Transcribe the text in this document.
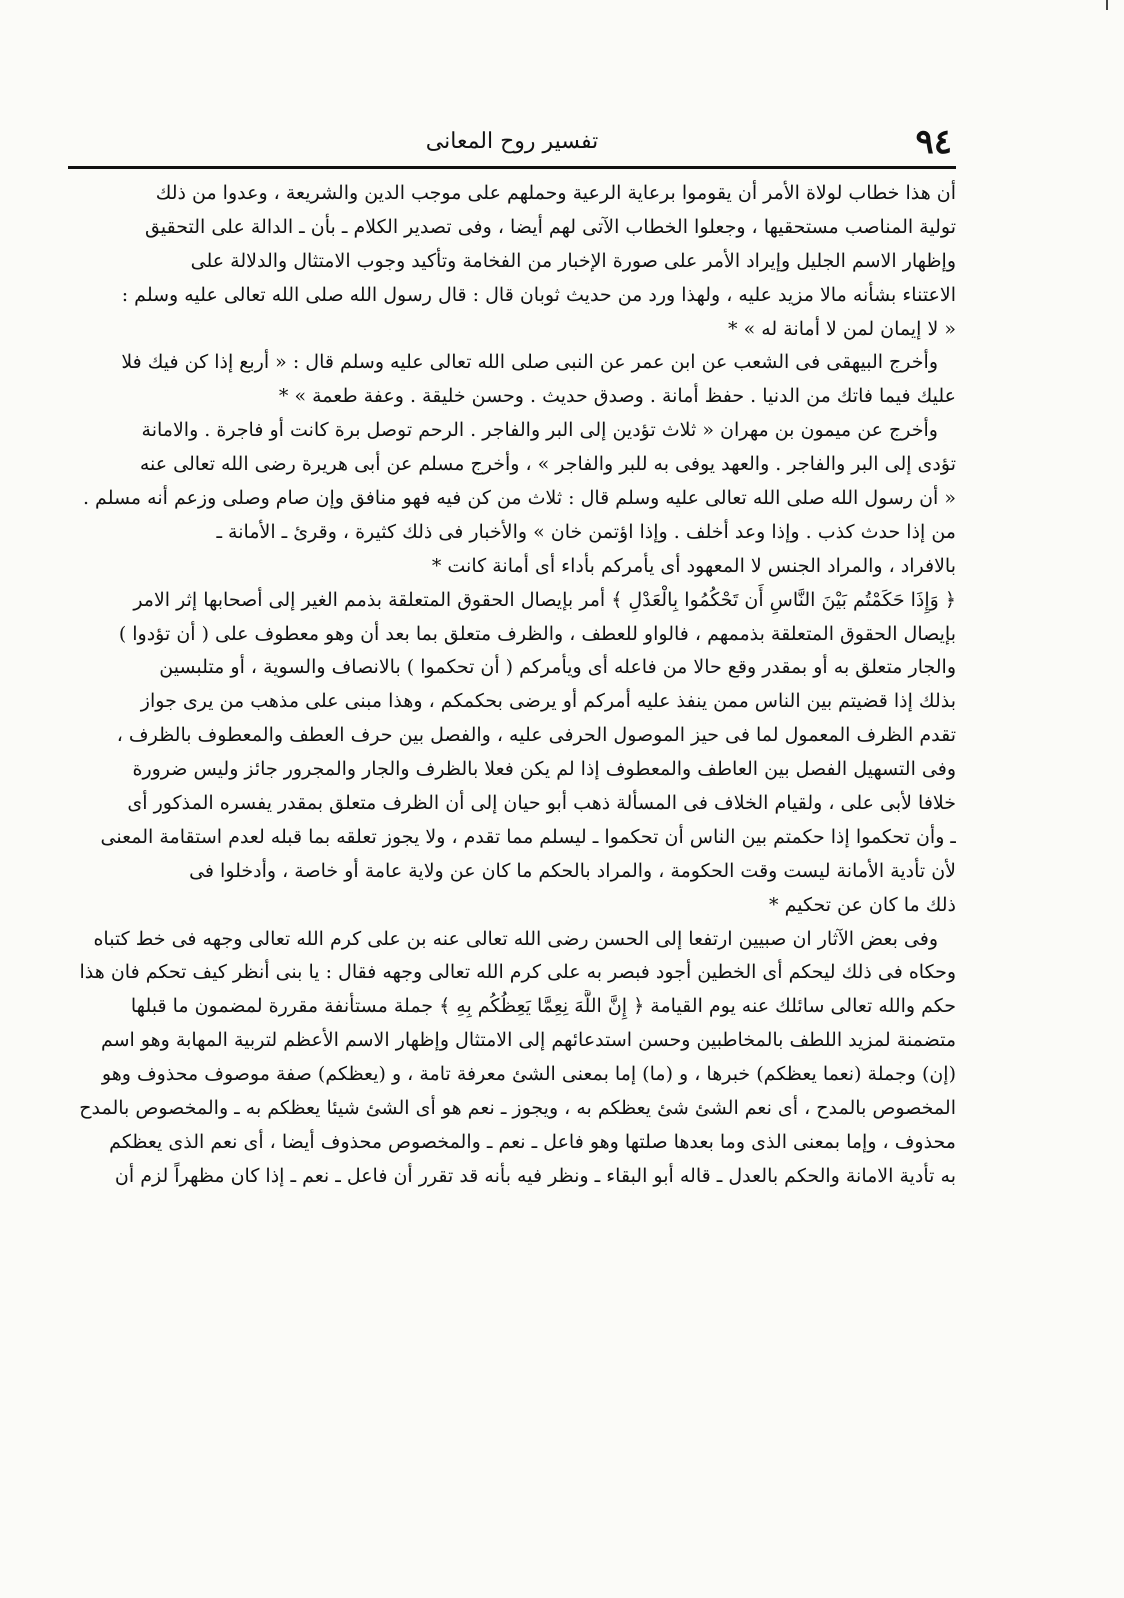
٩٤
تفسير روح المعانى
أن هذا خطاب لولاة الأمر أن يقوموا برعاية الرعية وحملهم على موجب الدين والشريعة ، وعدوا من ذلك
تولية المناصب مستحقيها ، وجعلوا الخطاب الآتى لهم أيضا ، وفى تصدير الكلام ـ بأن ـ الدالة على التحقيق
وإظهار الاسم الجليل وإيراد الأمر على صورة الإخبار من الفخامة وتأكيد وجوب الامتثال والدلالة على
الاعتناء بشأنه مالا مزيد عليه ، ولهذا ورد من حديث ثوبان قال : قال رسول الله صلى الله تعالى عليه وسلم :
« لا إيمان لمن لا أمانة له » *
وأخرج البيهقى فى الشعب عن ابن عمر عن النبى صلى الله تعالى عليه وسلم قال : « أربع إذا كن فيك فلا
عليك فيما فاتك من الدنيا . حفظ أمانة . وصدق حديث . وحسن خليقة . وعفة طعمة » *
وأخرج عن ميمون بن مهران « ثلاث تؤدين إلى البر والفاجر . الرحم توصل برة كانت أو فاجرة . والامانة
تؤدى إلى البر والفاجر . والعهد يوفى به للبر والفاجر » ، وأخرج مسلم عن أبى هريرة رضى الله تعالى عنه
« أن رسول الله صلى الله تعالى عليه وسلم قال : ثلاث من كن فيه فهو منافق وإن صام وصلى وزعم أنه مسلم .
من إذا حدث كذب . وإذا وعد أخلف . وإذا اؤتمن خان » والأخبار فى ذلك كثيرة ، وقرئ ـ الأمانة ـ
بالافراد ، والمراد الجنس لا المعهود أى يأمركم بأداء أى أمانة كانت *
﴿ وَإِذَا حَكَمْتُم بَيْنَ النَّاسِ أَن تَحْكُمُوا بِالْعَدْلِ ﴾ أمر بإيصال الحقوق المتعلقة بذمم الغير إلى أصحابها إثر الامر
بإيصال الحقوق المتعلقة بذممهم ، فالواو للعطف ، والظرف متعلق بما بعد أن وهو معطوف على ( أن تؤدوا )
والجار متعلق به أو بمقدر وقع حالا من فاعله أى ويأمركم ( أن تحكموا ) بالانصاف والسوية ، أو متلبسين
بذلك إذا قضيتم بين الناس ممن ينفذ عليه أمركم أو يرضى بحكمكم ، وهذا مبنى على مذهب من يرى جواز
تقدم الظرف المعمول لما فى حيز الموصول الحرفى عليه ، والفصل بين حرف العطف والمعطوف بالظرف ،
وفى التسهيل الفصل بين العاطف والمعطوف إذا لم يكن فعلا بالظرف والجار والمجرور جائز وليس ضرورة
خلافا لأبى على ، ولقيام الخلاف فى المسألة ذهب أبو حيان إلى أن الظرف متعلق بمقدر يفسره المذكور أى
ـ وأن تحكموا إذا حكمتم بين الناس أن تحكموا ـ ليسلم مما تقدم ، ولا يجوز تعلقه بما قبله لعدم استقامة المعنى
لأن تأدية الأمانة ليست وقت الحكومة ، والمراد بالحكم ما كان عن ولاية عامة أو خاصة ، وأدخلوا فى
ذلك ما كان عن تحكيم *
وفى بعض الآثار ان صبيين ارتفعا إلى الحسن رضى الله تعالى عنه بن على كرم الله تعالى وجهه فى خط كتباه
وحكاه فى ذلك ليحكم أى الخطين أجود فبصر به على كرم الله تعالى وجهه فقال : يا بنى أنظر كيف تحكم فان هذا
حكم والله تعالى سائلك عنه يوم القيامة ﴿ إِنَّ اللَّهَ نِعِمَّا يَعِظُكُم بِهِ ﴾ جملة مستأنفة مقررة لمضمون ما قبلها
متضمنة لمزيد اللطف بالمخاطبين وحسن استدعائهم إلى الامتثال وإظهار الاسم الأعظم لتربية المهابة وهو اسم
(إن) وجملة (نعما يعظكم) خبرها ، و (ما) إما بمعنى الشئ معرفة تامة ، و (يعظكم) صفة موصوف محذوف وهو
المخصوص بالمدح ، أى نعم الشئ شئ يعظكم به ، ويجوز ـ نعم هو أى الشئ شيئا يعظكم به ـ والمخصوص بالمدح
محذوف ، وإما بمعنى الذى وما بعدها صلتها وهو فاعل ـ نعم ـ والمخصوص محذوف أيضا ، أى نعم الذى يعظكم
به تأدية الامانة والحكم بالعدل ـ قاله أبو البقاء ـ ونظر فيه بأنه قد تقرر أن فاعل ـ نعم ـ إذا كان مظهراً لزم أن
